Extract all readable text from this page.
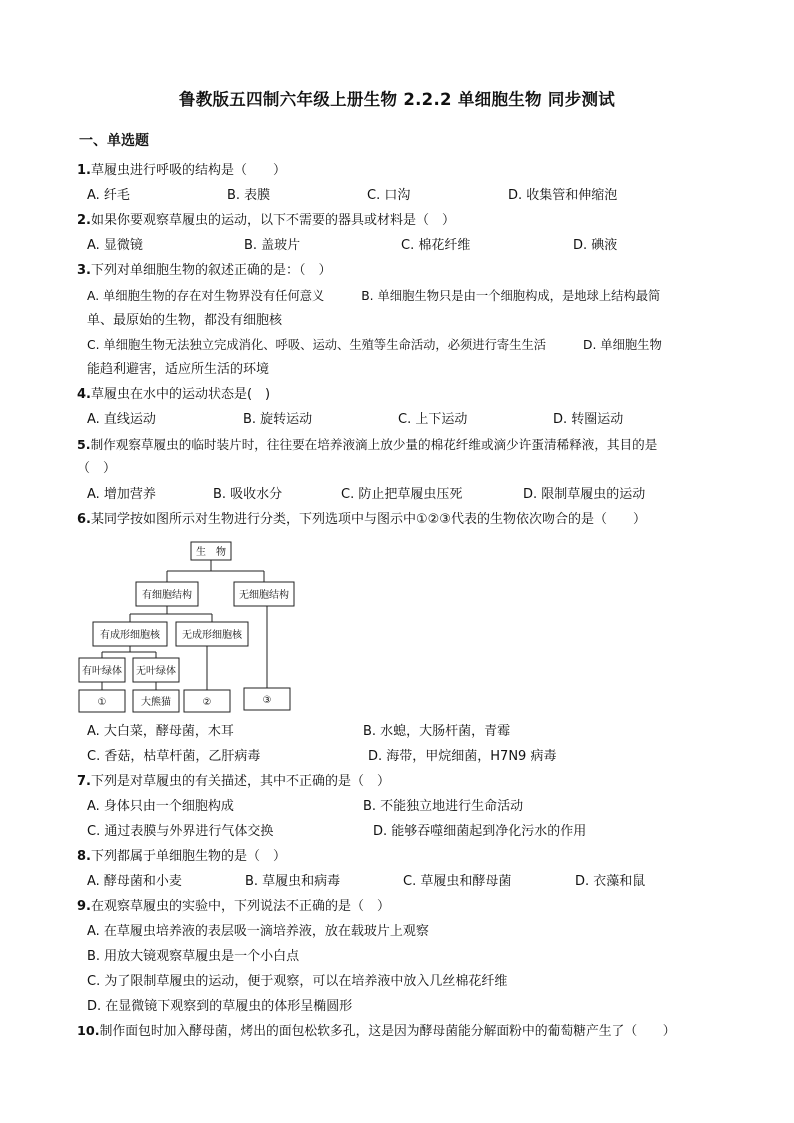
鲁教版五四制六年级上册生物 2.2.2 单细胞生物 同步测试
一、单选题
1.草履虫进行呼吸的结构是（　　）
A. 纤毛	B. 表膜	C. 口沟	D. 收集管和伸缩泡
2.如果你要观察草履虫的运动，以下不需要的器具或材料是（　）
A. 显微镜	B. 盖玻片	C. 棉花纤维	D. 碘液
3.下列对单细胞生物的叙述正确的是：（　）
A. 单细胞生物的存在对生物界没有任何意义　　　B. 单细胞生物只是由一个细胞构成，是地球上结构最简
单、最原始的生物，都没有细胞核
C. 单细胞生物无法独立完成消化、呼吸、运动、生殖等生命活动，必须进行寄生生活　　　D. 单细胞生物
能趋利避害，适应所生活的环境
4.草履虫在水中的运动状态是(　)
A. 直线运动	B. 旋转运动	C. 上下运动	D. 转圈运动
5.制作观察草履虫的临时装片时，往往要在培养液滴上放少量的棉花纤维或滴少许蛋清稀释液，其目的是
（　）
A. 增加营养	B. 吸收水分	C. 防止把草履虫压死	D. 限制草履虫的运动
6.某同学按如图所示对生物进行分类，下列选项中与图示中①②③代表的生物依次吻合的是（　　）
生　物
有细胞结构	无细胞结构
有成形细胞核 无成形细胞核
有叶绿体 无叶绿体
①	大熊猫	②	③
A. 大白菜，酵母菌，木耳	B. 水螅，大肠杆菌，青霉
C. 香菇，枯草杆菌，乙肝病毒	D. 海带，甲烷细菌，H7N9 病毒
7.下列是对草履虫的有关描述，其中不正确的是（　）
A. 身体只由一个细胞构成	B. 不能独立地进行生命活动
C. 通过表膜与外界进行气体交换	D. 能够吞噬细菌起到净化污水的作用
8.下列都属于单细胞生物的是（　）
A. 酵母菌和小麦	B. 草履虫和病毒	C. 草履虫和酵母菌	D. 衣藻和鼠
9.在观察草履虫的实验中，下列说法不正确的是（　）
A. 在草履虫培养液的表层吸一滴培养液，放在载玻片上观察
B. 用放大镜观察草履虫是一个小白点
C. 为了限制草履虫的运动，便于观察，可以在培养液中放入几丝棉花纤维
D. 在显微镜下观察到的草履虫的体形呈椭圆形
10.制作面包时加入酵母菌，烤出的面包松软多孔，这是因为酵母菌能分解面粉中的葡萄糖产生了（　　）
